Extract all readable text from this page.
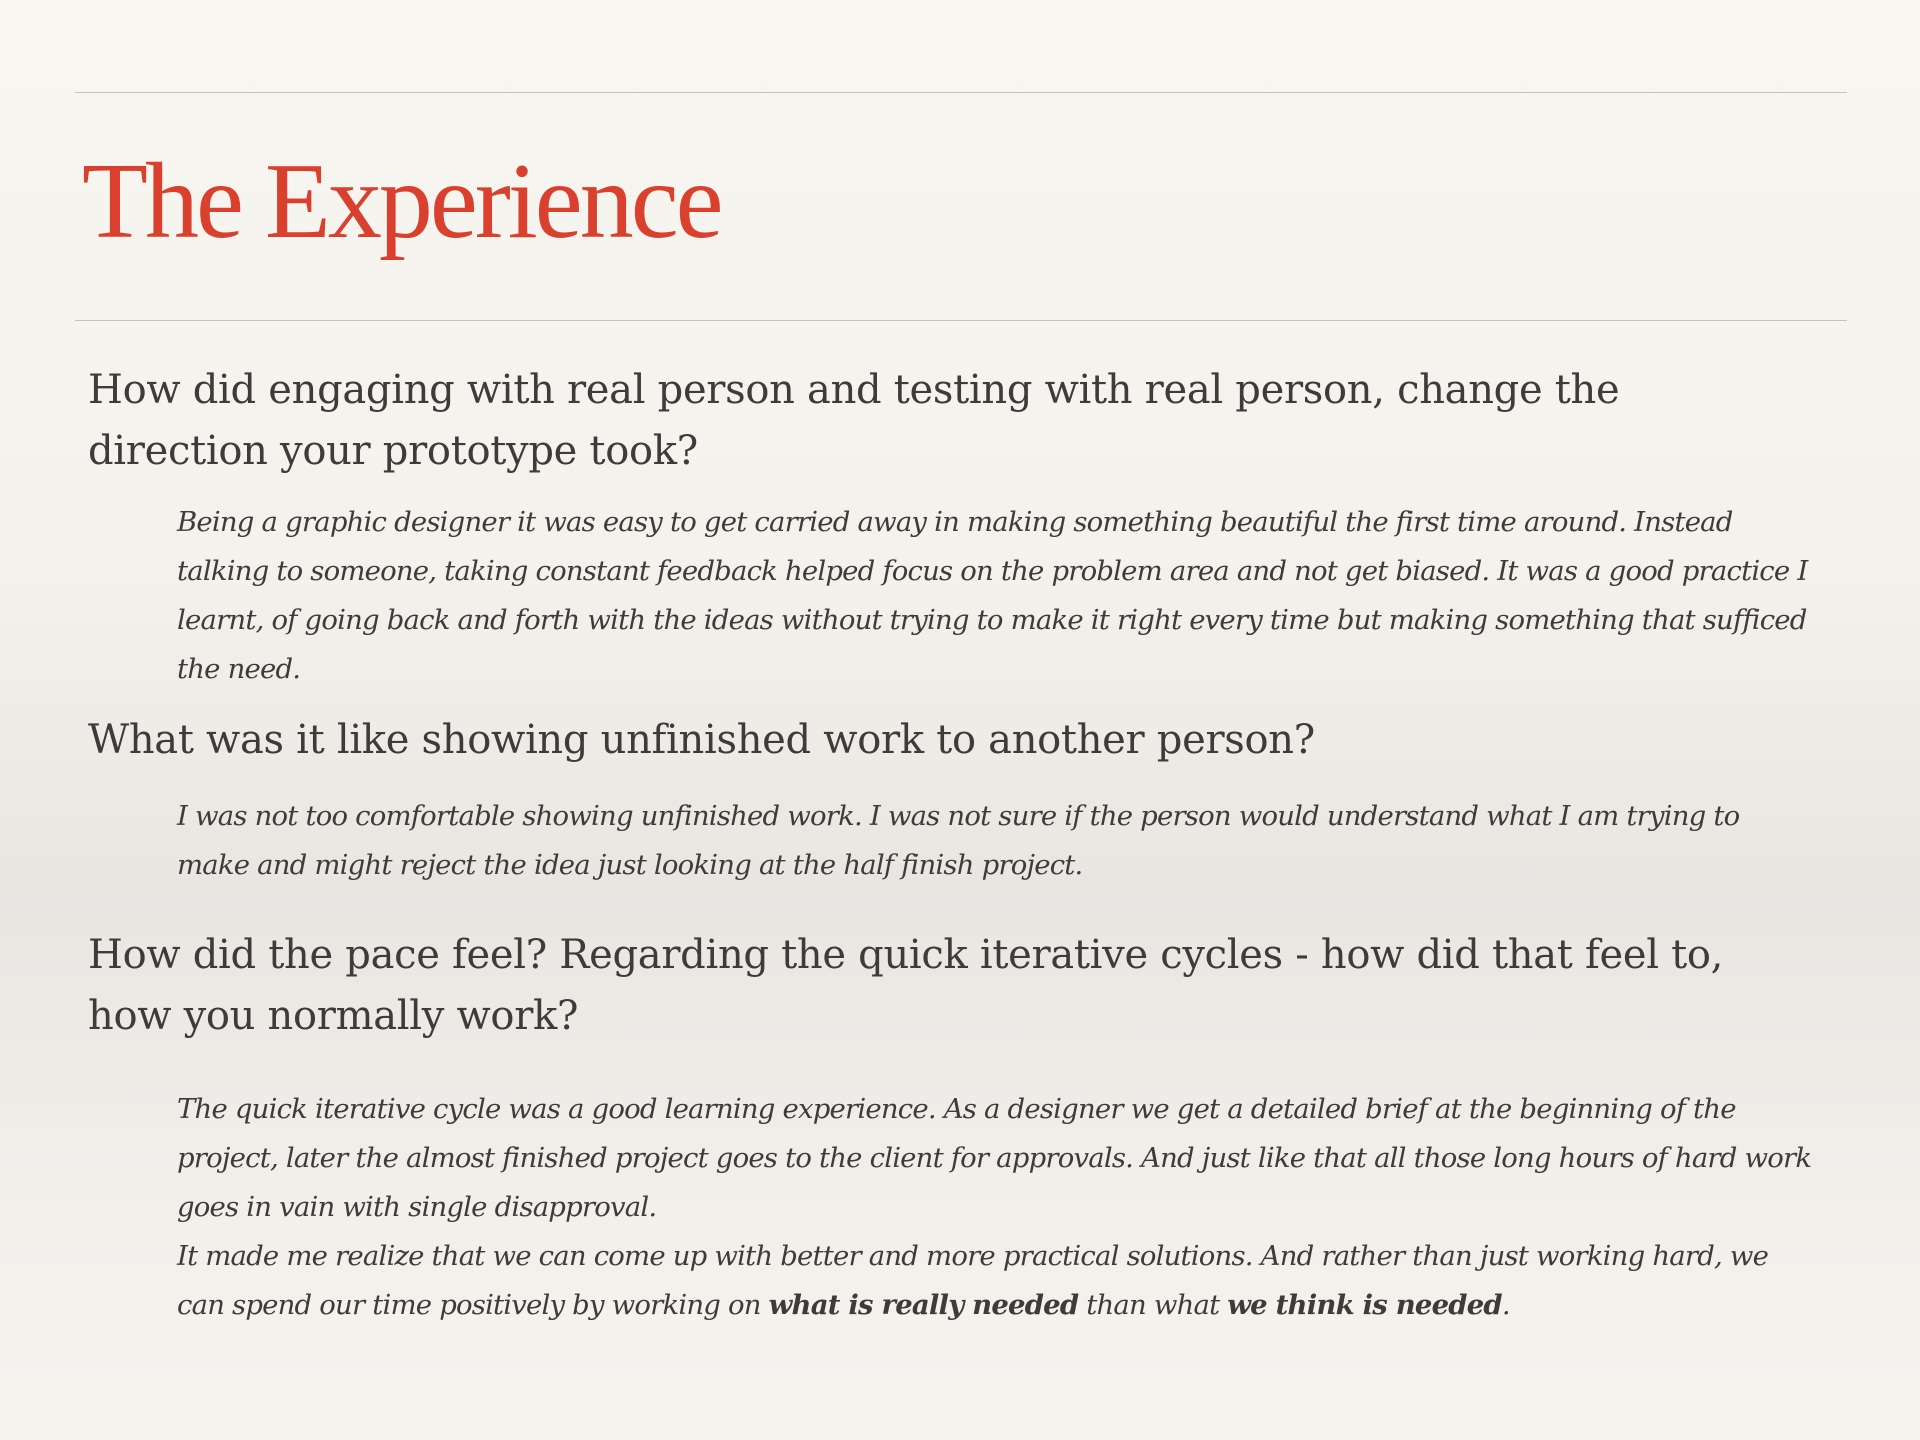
The Experience

How did engaging with real person and testing with real person, change the direction your prototype took?

Being a graphic designer it was easy to get carried away in making something beautiful the first time around. Instead talking to someone, taking constant feedback helped focus on the problem area and not get biased. It was a good practice I learnt, of going back and forth with the ideas without trying to make it right every time but making something that sufficed the need.

What was it like showing unfinished work to another person?

I was not too comfortable showing unfinished work. I was not sure if the person would understand what I am trying to make and might reject the idea just looking at the half finish project.

How did the pace feel? Regarding the quick iterative cycles - how did that feel to, how you normally work?

The quick iterative cycle was a good learning experience. As a designer we get a detailed brief at the beginning of the project, later the almost finished project goes to the client for approvals. And just like that all those long hours of hard work goes in vain with single disapproval.
It made me realize that we can come up with better and more practical solutions. And rather than just working hard, we can spend our time positively by working on what is really needed than what we think is needed.
